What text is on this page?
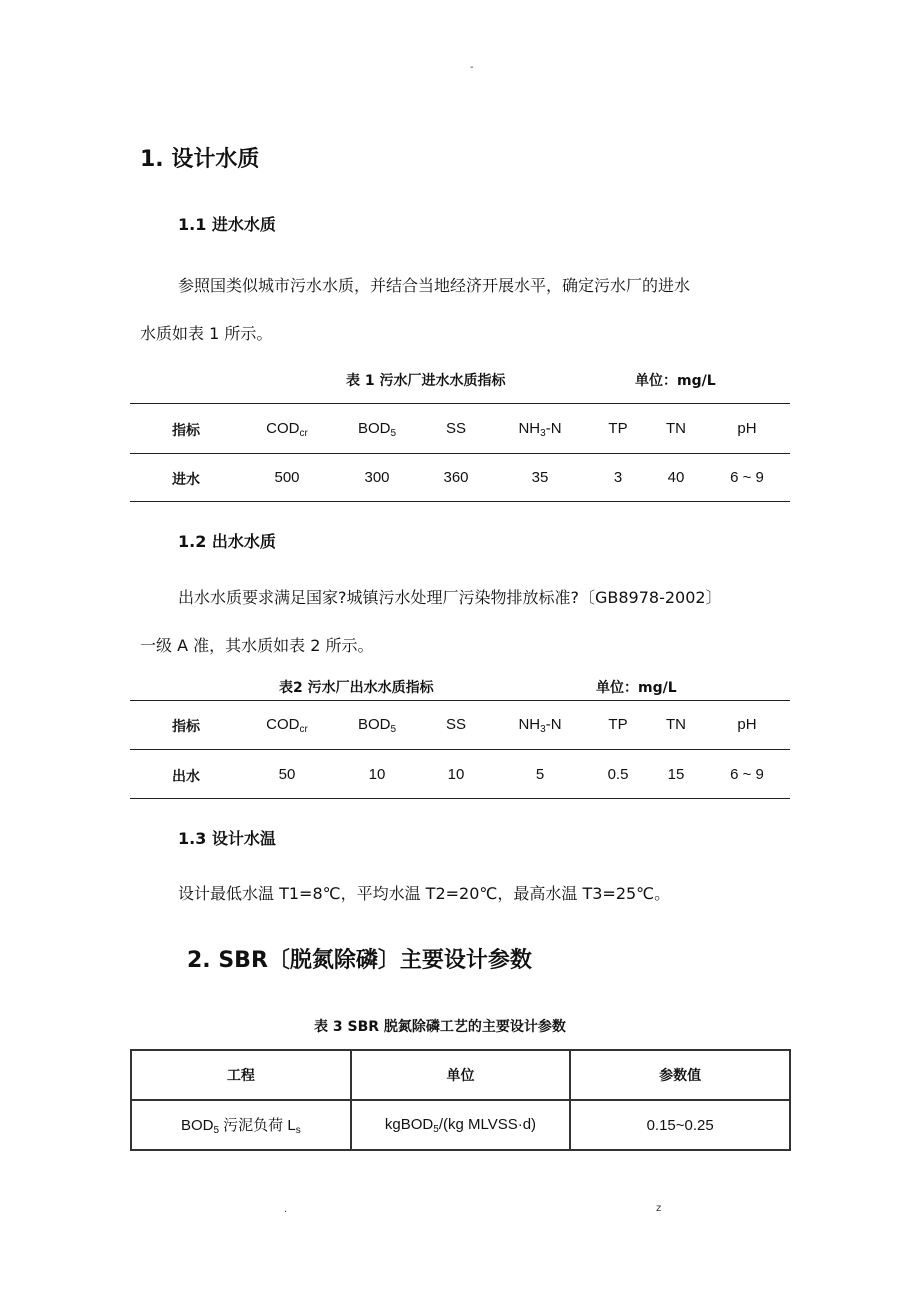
-
1. 设计水质
1.1 进水水质
参照国类似城市污水水质，并结合当地经济开展水平，确定污水厂的进水
水质如表 1 所示。
表 1 污水厂进水水质指标	单位：mg/L
指标	$COD_{cr}$	$BOD_5$	SS	$NH_3-N$	TP	TN	pH
进水	500	300	360	35	3	40	6 ~ 9
1.2 出水水质
出水水质要求满足国家?城镇污水处理厂污染物排放标准?〔GB8978-2002〕
一级 A 准，其水质如表 2 所示。
表2 污水厂出水水质指标	单位：mg/L
指标	$COD_{cr}$	$BOD_5$	SS	$NH_3-N$	TP	TN	pH
出水	50	10	10	5	0.5	15	6 ~ 9
1.3 设计水温
设计最低水温 T1=8℃，平均水温 T2=20℃，最高水温 T3=25℃。
2. SBR〔脱氮除磷〕主要设计参数
表 3 SBR 脱氮除磷工艺的主要设计参数
工程	单位	参数值
$BOD_5$ 污泥负荷 $L_s$	kgBOD$_5$/(kg MLVSS·d)	0.15~0.25
.	z
